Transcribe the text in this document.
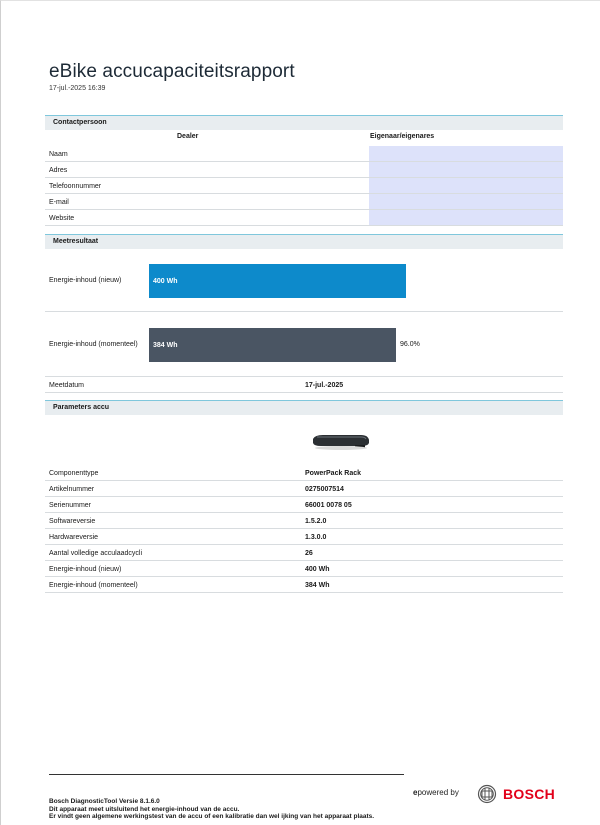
eBike accucapaciteitsrapport
17-jul.-2025 16:39
Contactpersoon
Dealer	Eigenaar/eigenares
Naam
Adres
Telefoonnummer
E-mail
Website
Meetresultaat
Energie-inhoud (nieuw)	400 Wh
Energie-inhoud (momenteel) 384 Wh	96.0%
Meetdatum	17-jul.-2025
Parameters accu
Componenttype	PowerPack Rack
Artikelnummer	0275007514
Serienummer	66001 0078 05
Softwareversie	1.5.2.0
Hardwareversie	1.3.0.0
Aantal volledige acculaadcycli	26
Energie-inhoud (nieuw)	400 Wh
Energie-inhoud (momenteel)	384 Wh
epowered by	BOSCH
Bosch DiagnosticTool Versie 8.1.6.0
Dit apparaat meet uitsluitend het energie-inhoud van de accu.
Er vindt geen algemene werkingstest van de accu of een kalibratie dan wel ijking van het apparaat plaats.
